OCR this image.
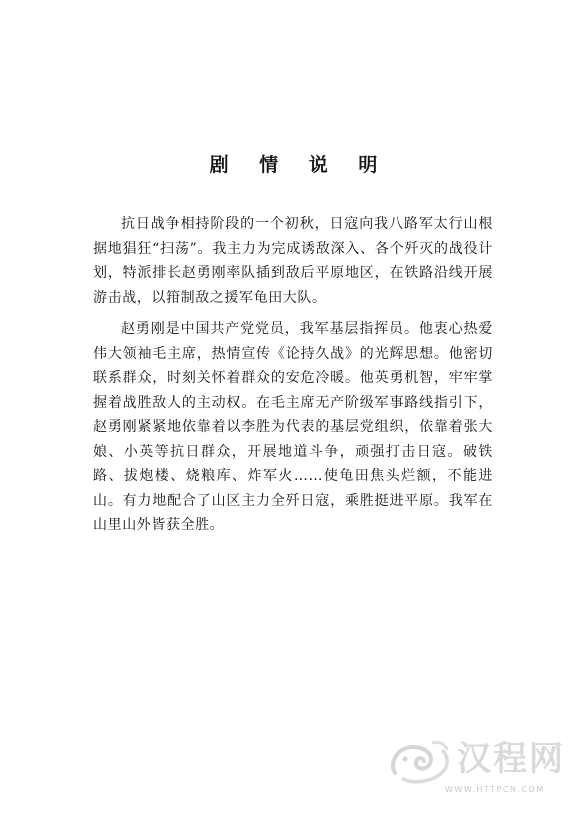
剧 情 说 明

抗日战争相持阶段的一个初秋，日寇向我八路军太行山根据地猖狂“扫荡”。我主力为完成诱敌深入、各个歼灭的战役计划，特派排长赵勇刚率队插到敌后平原地区，在铁路沿线开展游击战，以箝制敌之援军龟田大队。

赵勇刚是中国共产党党员，我军基层指挥员。他衷心热爱伟大领袖毛主席，热情宣传《论持久战》的光辉思想。他密切联系群众，时刻关怀着群众的安危冷暖。他英勇机智，牢牢掌握着战胜敌人的主动权。在毛主席无产阶级军事路线指引下，赵勇刚紧紧地依靠着以李胜为代表的基层党组织，依靠着张大娘、小英等抗日群众，开展地道斗争，顽强打击日寇。破铁路、拔炮楼、烧粮库、炸军火……使龟田焦头烂额，不能进山。有力地配合了山区主力全歼日寇，乘胜挺进平原。我军在山里山外皆获全胜。

汉程网
WWW.HTTPCN.COM
